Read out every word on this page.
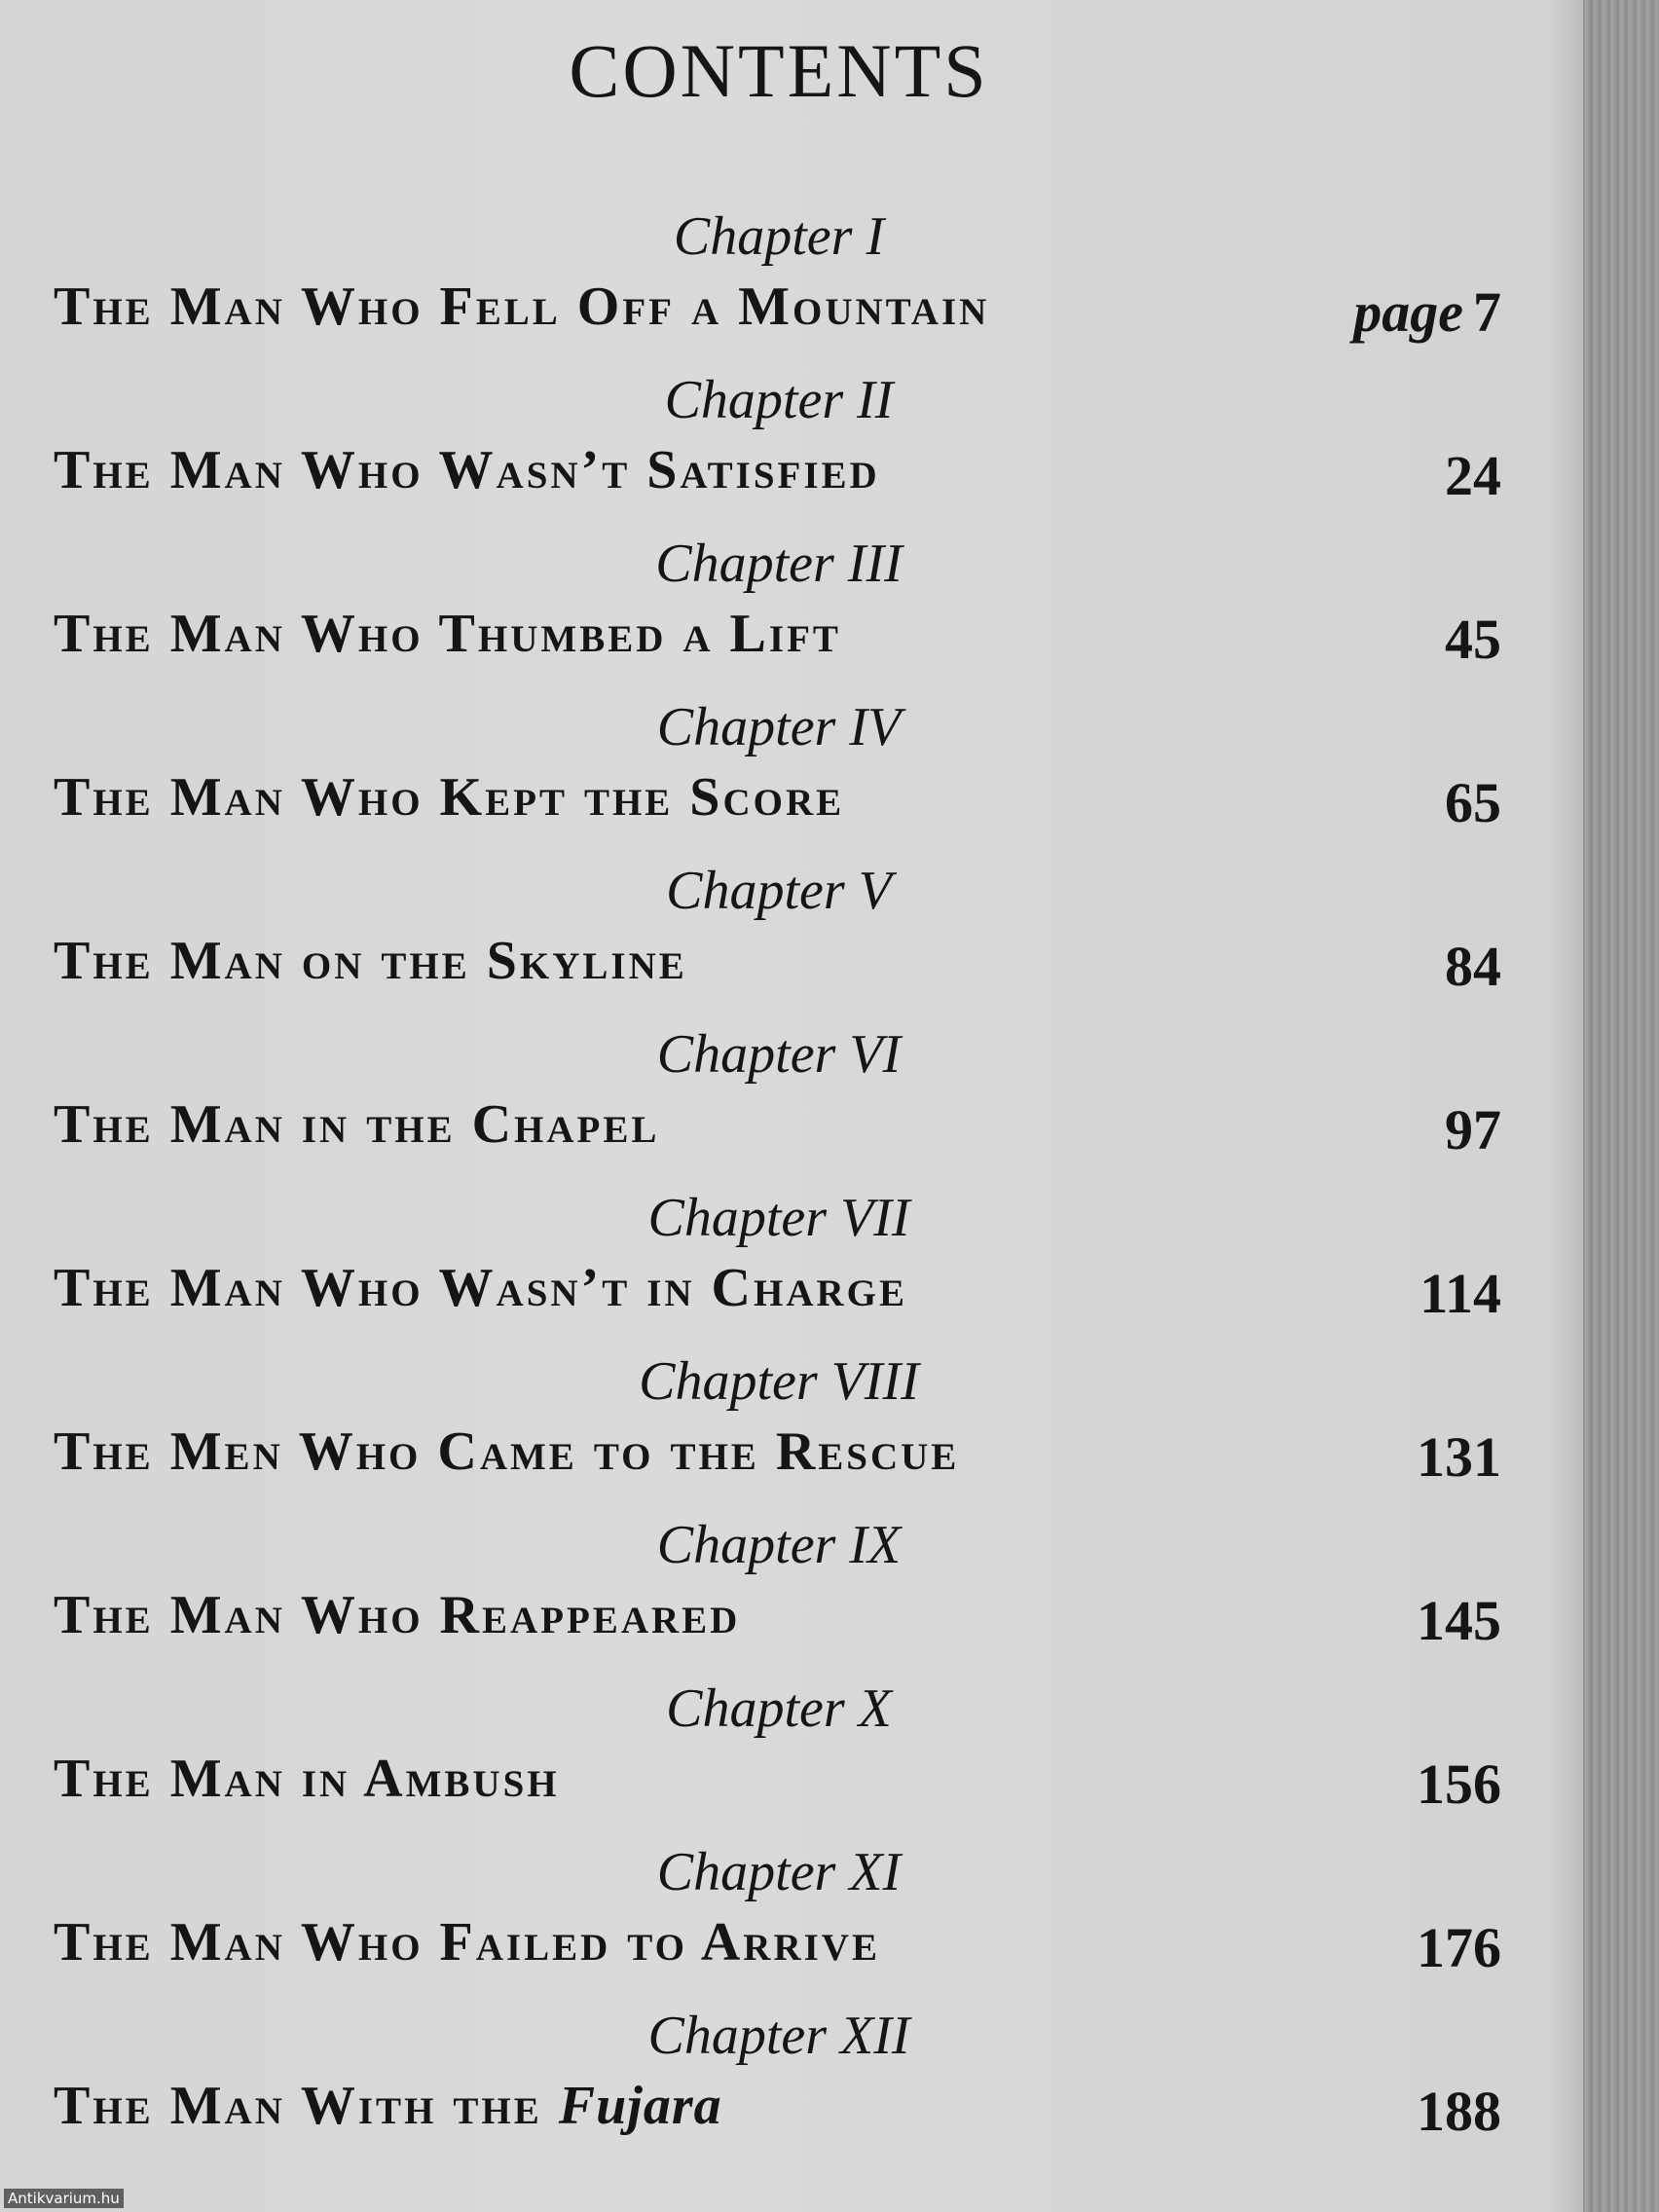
CONTENTS
Chapter I
The Man Who Fell Off a Mountain	page 7
Chapter II
The Man Who Wasn’t Satisfied	24
Chapter III
The Man Who Thumbed a Lift	45
Chapter IV
The Man Who Kept the Score	65
Chapter V
The Man on the Skyline	84
Chapter VI
The Man in the Chapel	97
Chapter VII
The Man Who Wasn’t in Charge	114
Chapter VIII
The Men Who Came to the Rescue	131
Chapter IX
The Man Who Reappeared	145
Chapter X
The Man in Ambush	156
Chapter XI
The Man Who Failed to Arrive	176
Chapter XII
The Man With the Fujara	188
Antikvarium.hu
